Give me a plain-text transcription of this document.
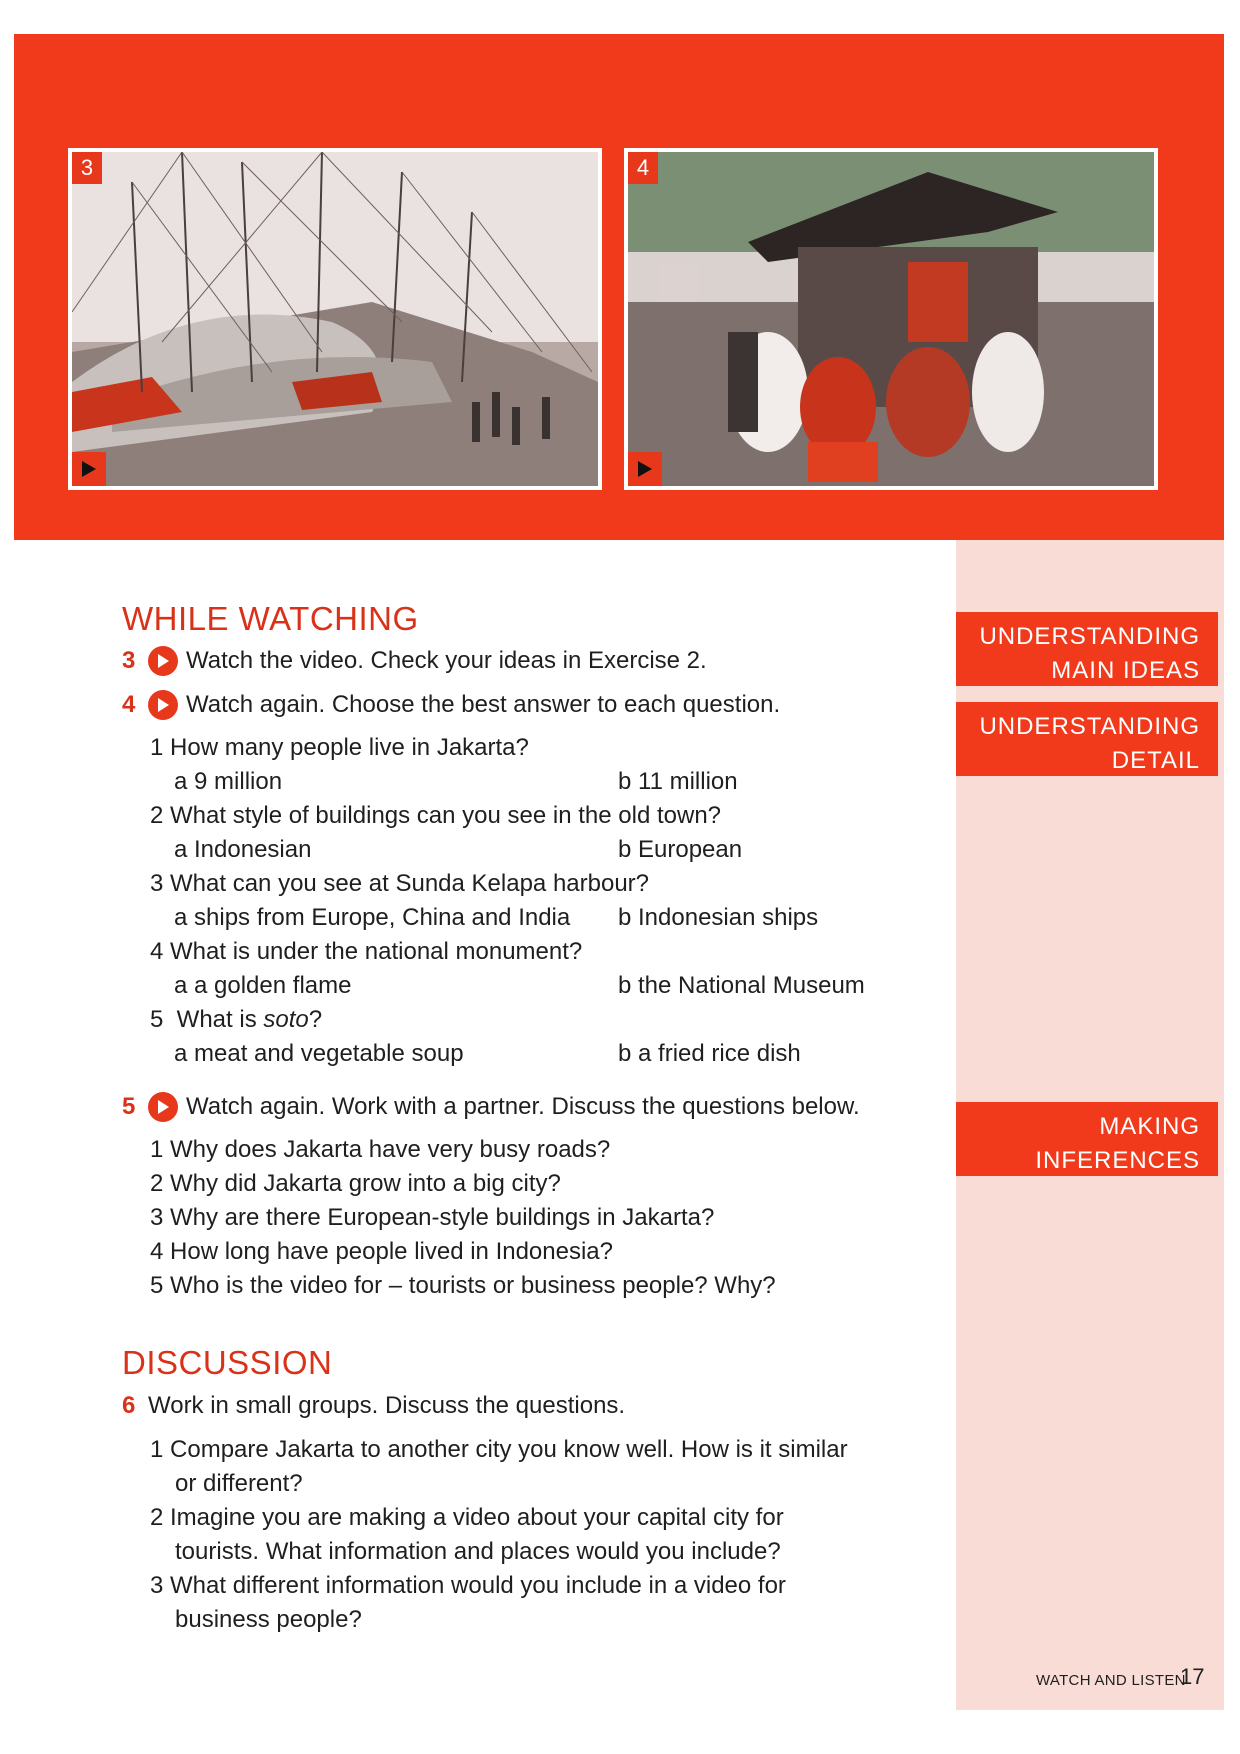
3	4
UNDERSTANDING
MAIN IDEAS
UNDERSTANDING
DETAIL
MAKING
INFERENCES
WHILE WATCHING
3	Watch the video. Check your ideas in Exercise 2.
4	Watch again. Choose the best answer to each question.
1 How many people live in Jakarta?
a 9 million	b 11 million
2 What style of buildings can you see in the old town?
a Indonesian	b European
3 What can you see at Sunda Kelapa harbour?
a ships from Europe, China and India b Indonesian ships
4 What is under the national monument?
a a golden flame	b the National Museum
5  What is soto?
a meat and vegetable soup	b a fried rice dish
5	Watch again. Work with a partner. Discuss the questions below.
1 Why does Jakarta have very busy roads?
2 Why did Jakarta grow into a big city?
3 Why are there European-style buildings in Jakarta?
4 How long have people lived in Indonesia?
5 Who is the video for – tourists or business people? Why?
DISCUSSION
6 Work in small groups. Discuss the questions.
1 Compare Jakarta to another city you know well. How is it similar
or different?
2 Imagine you are making a video about your capital city for
tourists. What information and places would you include?
3 What different information would you include in a video for
business people?
WATCH AND LISTEN
17
